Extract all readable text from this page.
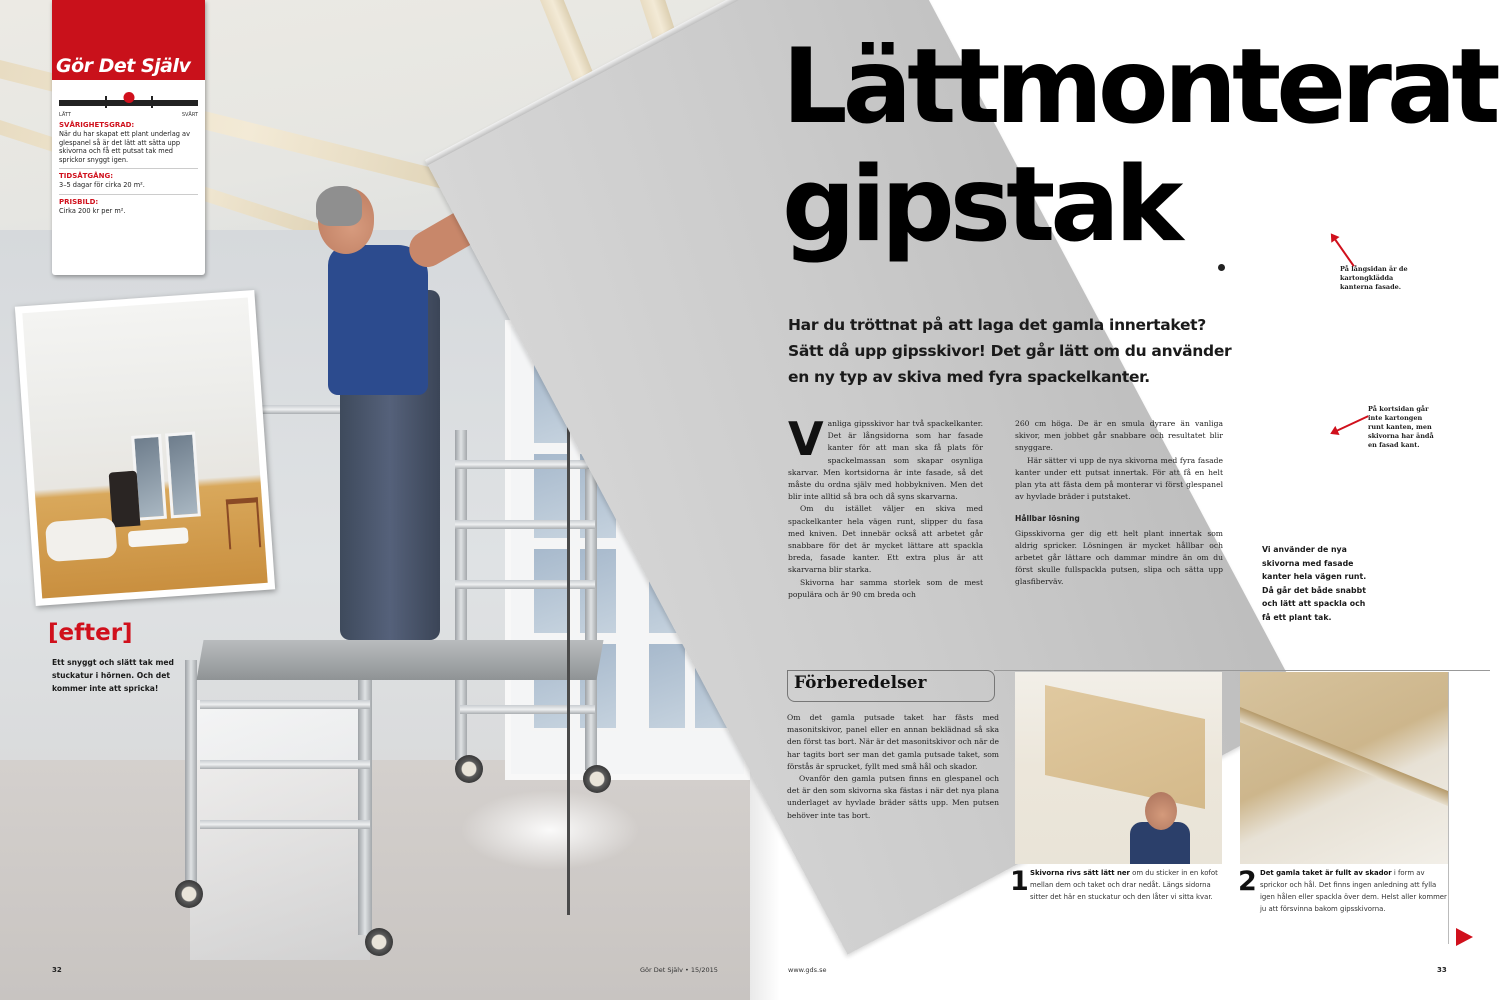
Gör Det Själv
LÄTT	SVÅRT
SVÅRIGHETSGRAD:
När du har skapat ett plant underlag av glespanel så är det lätt att sätta upp skivorna och få ett putsat tak med sprickor snyggt igen.
TIDSÅTGÅNG:
3–5 dagar för cirka 20 m².
PRISBILD:
Cirka 200 kr per m².
[efter]
Ett snyggt och slätt tak med stuckatur i hörnen. Och det kommer inte att spricka!
32	Gör Det Själv • 15/2015
Lättmonterat
gipstak
Har du tröttnat på att laga det gamla innertaket? Sätt då upp gipsskivor! Det går lätt om du använder en ny typ av skiva med fyra spackelkanter.

Vanliga gipsskivor har två spackelkanter. Det är långsidorna som har fasade kanter för att man ska få plats för spackelmassan som skapar osynliga skarvar. Men kortsidorna är inte fasade, så det måste du ordna själv med hobbykniven. Men det blir inte alltid så bra och då syns skarvarna.

Om du istället väljer en skiva med spackelkanter hela vägen runt, slipper du fasa med kniven. Det innebär också att arbetet går snabbare för det är mycket lättare att spackla breda, fasade kanter. Ett extra plus är att skarvarna blir starka.

Skivorna har samma storlek som de mest populära och är 90 cm breda och

260 cm höga. De är en smula dyrare än vanliga skivor, men jobbet går snabbare och resultatet blir snyggare.

Här sätter vi upp de nya skivorna med fyra fasade kanter under ett putsat innertak. För att få en helt plan yta att fästa dem på monterar vi först glespanel av hyvlade bräder i putstaket.

Hållbar lösning

Gipsskivorna ger dig ett helt plant innertak som aldrig spricker. Lösningen är mycket hållbar och arbetet går lättare och dammar mindre än om du först skulle fullspackla putsen, slipa och sätta upp glasfiberväv.

Vi använder de nya skivorna med fasade kanter hela vägen runt. Då går det både snabbt och lätt att spackla och få ett plant tak.
På långsidan är de kartongklädda kanterna fasade.
På kortsidan går inte kartongen runt kanten, men skivorna har ändå en fasad kant.
Förberedelser

Om det gamla putsade taket har fästs med masonitskivor, panel eller en annan beklädnad så ska den först tas bort. När är det masonitskivor och när de har tagits bort ser man det gamla putsade taket, som förstås är sprucket, fyllt med små hål och skador.

Ovanför den gamla putsen finns en glespanel och det är den som skivorna ska fästas i när det nya plana underlaget av hyvlade bräder sätts upp. Men putsen behöver inte tas bort.

1 Skivorna rivs sätt lätt ner om du sticker in en kofot mellan dem och taket och drar nedåt. Längs sidorna sitter det här en stuckatur och den låter vi sitta kvar. 2 Det gamla taket är fullt av skador i form av sprickor och hål. Det finns ingen anledning att fylla igen hålen eller spackla över dem. Helst aller kommer ju att försvinna bakom gipsskivorna.
www.gds.se	33
